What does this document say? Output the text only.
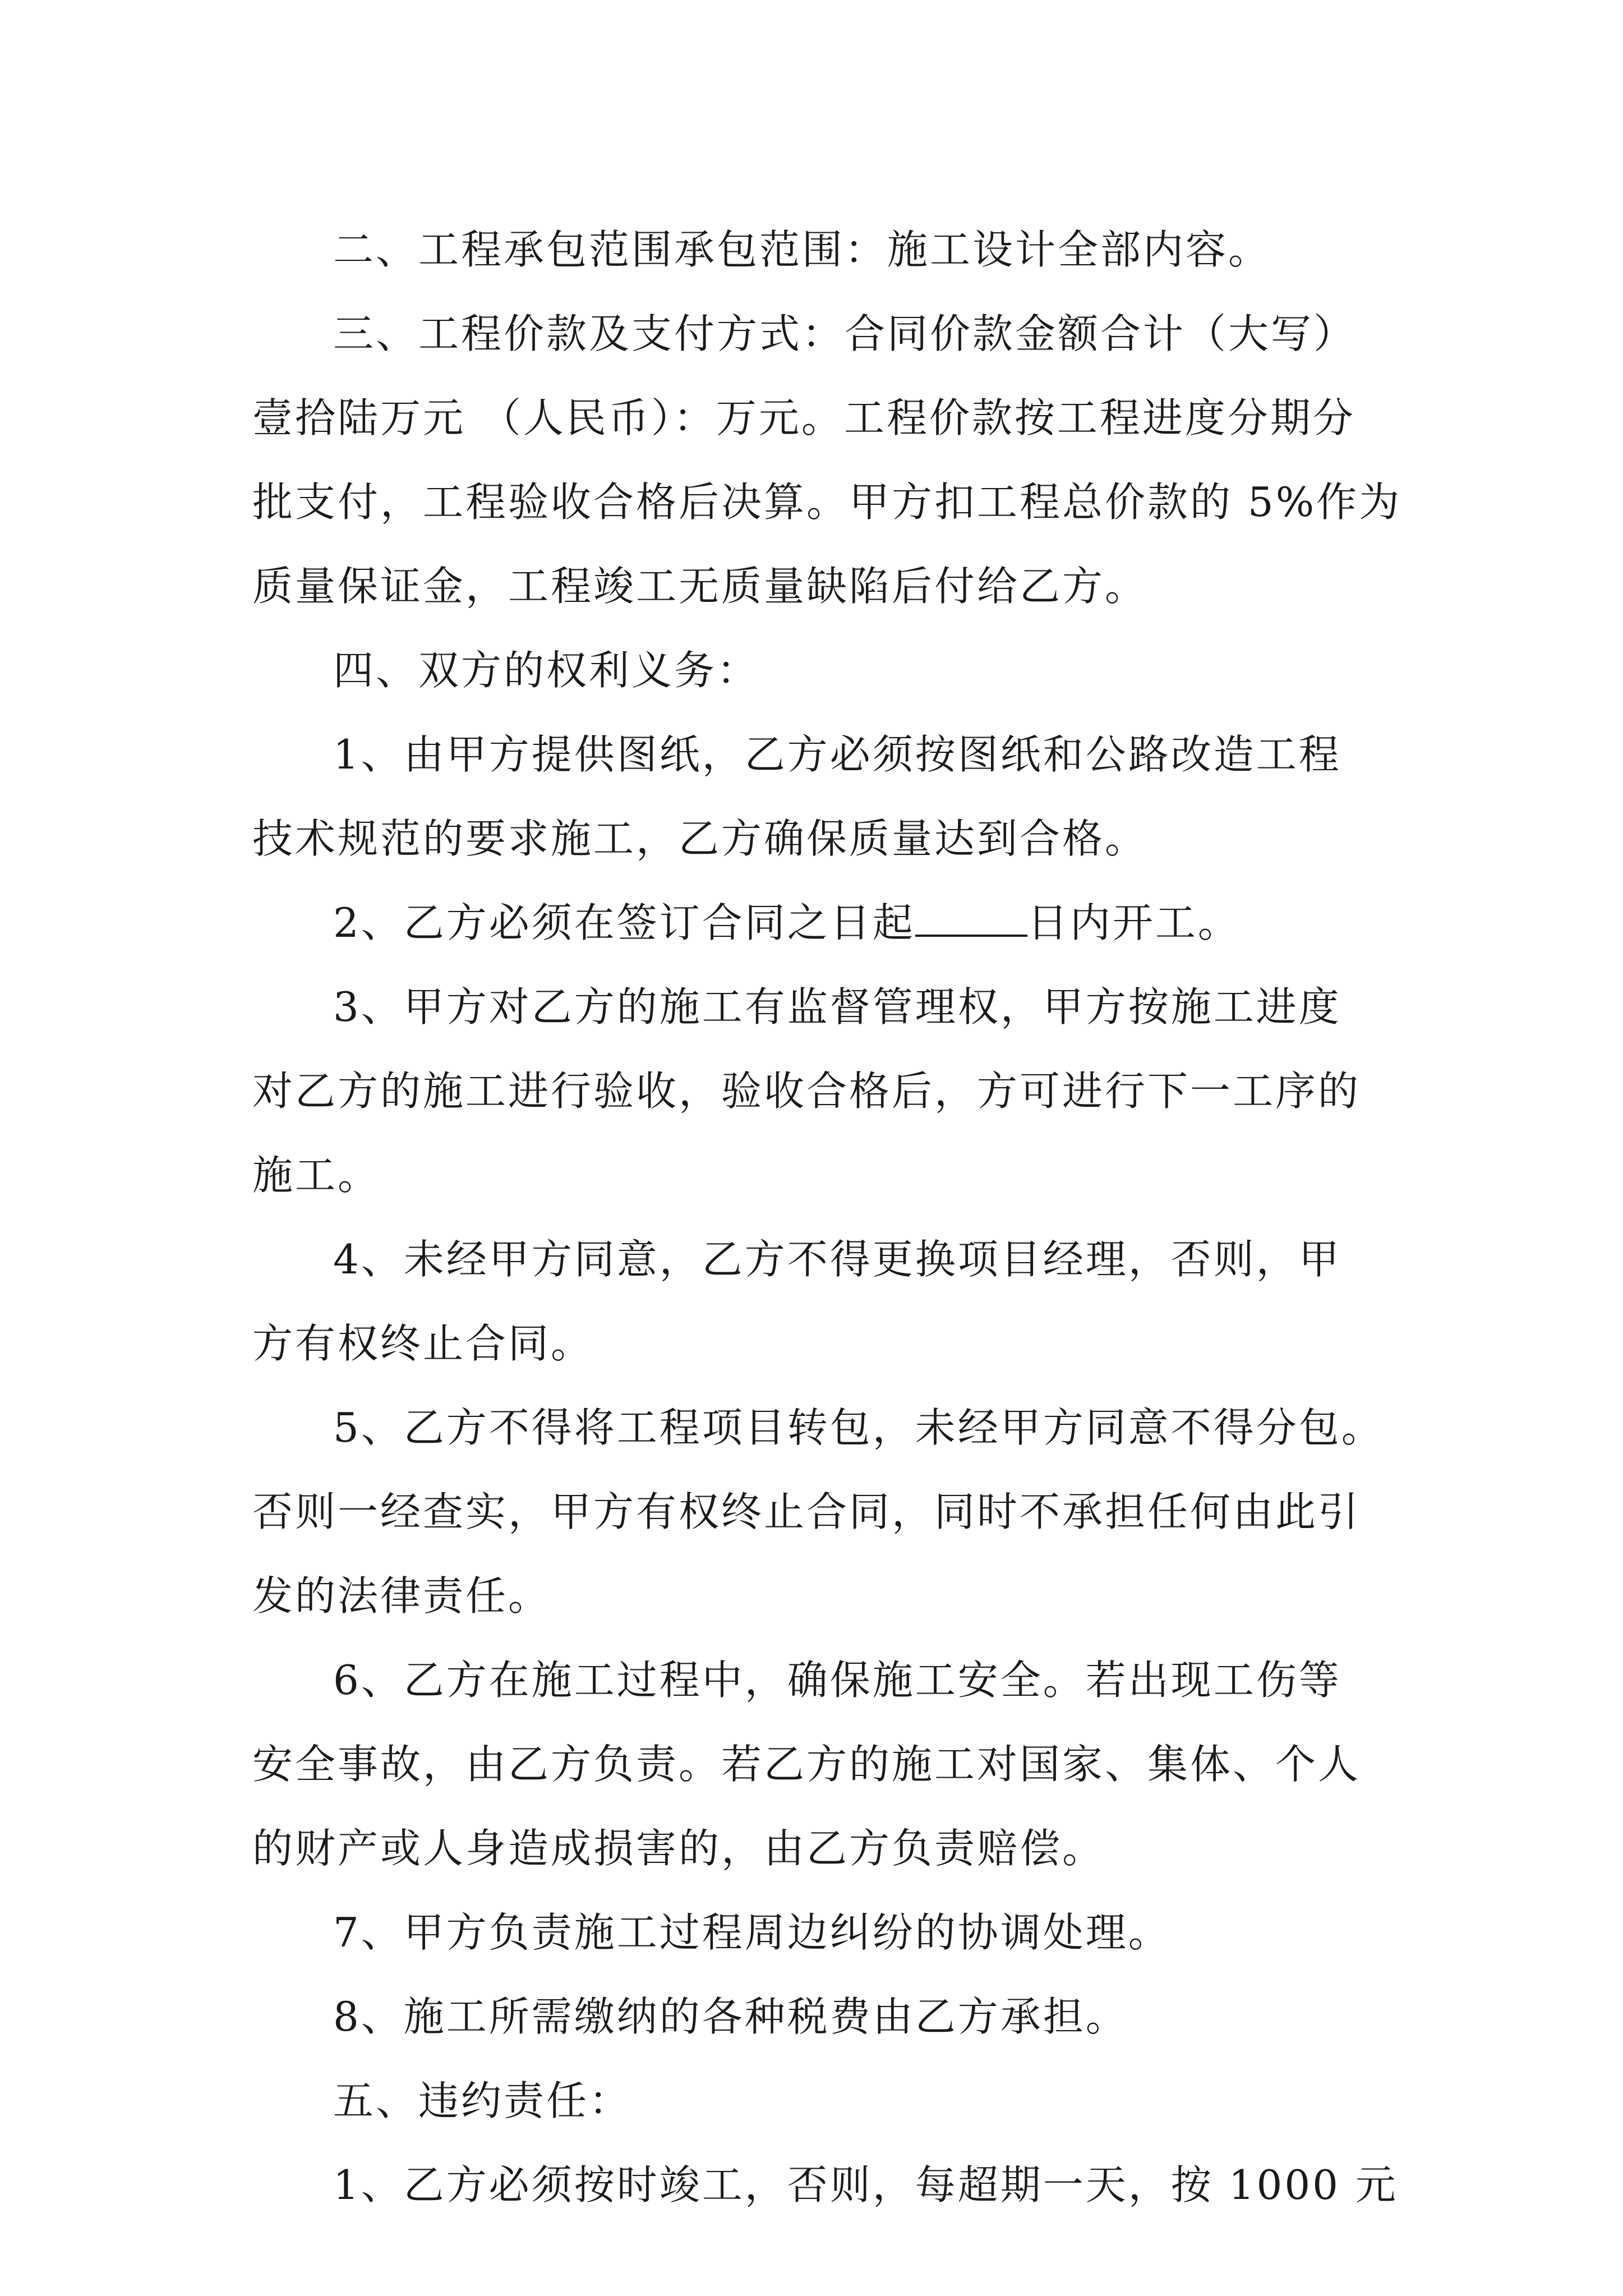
二、工程承包范围承包范围：施工设计全部内容。

三、工程价款及支付方式：合同价款金额合计（大写）
壹拾陆万元 （人民币）：万元。工程价款按工程进度分期分
批支付，工程验收合格后决算。甲方扣工程总价款的 5%作为
质量保证金，工程竣工无质量缺陷后付给乙方。

四、双方的权利义务：

1、由甲方提供图纸，乙方必须按图纸和公路改造工程
技术规范的要求施工，乙方确保质量达到合格。

2、乙方必须在签订合同之日起	日内开工。

3、甲方对乙方的施工有监督管理权，甲方按施工进度
对乙方的施工进行验收，验收合格后，方可进行下一工序的
施工。

4、未经甲方同意，乙方不得更换项目经理，否则，甲
方有权终止合同。

5、乙方不得将工程项目转包，未经甲方同意不得分包。
否则一经查实，甲方有权终止合同，同时不承担任何由此引
发的法律责任。

6、乙方在施工过程中，确保施工安全。若出现工伤等
安全事故，由乙方负责。若乙方的施工对国家、集体、个人
的财产或人身造成损害的，由乙方负责赔偿。

7、甲方负责施工过程周边纠纷的协调处理。

8、施工所需缴纳的各种税费由乙方承担。

五、违约责任：

1、乙方必须按时竣工，否则，每超期一天，按 1000 元
